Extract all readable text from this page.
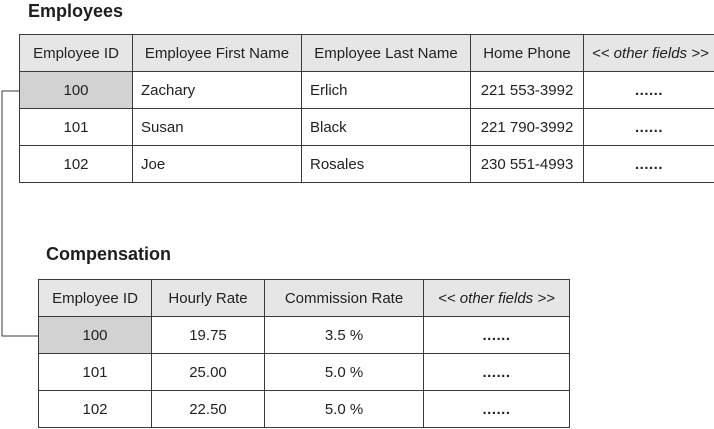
Employees
Employee ID	Employee First Name	Employee Last Name	Home Phone	<< other fields >>
100	Zachary	Erlich	221 553-3992	......
101	Susan	Black	221 790-3992	......
102	Joe	Rosales	230 551-4993	......
Compensation
Employee ID	Hourly Rate	Commission Rate	<< other fields >>
100	19.75	3.5 %	......
101	25.00	5.0 %	......
102	22.50	5.0 %	......
